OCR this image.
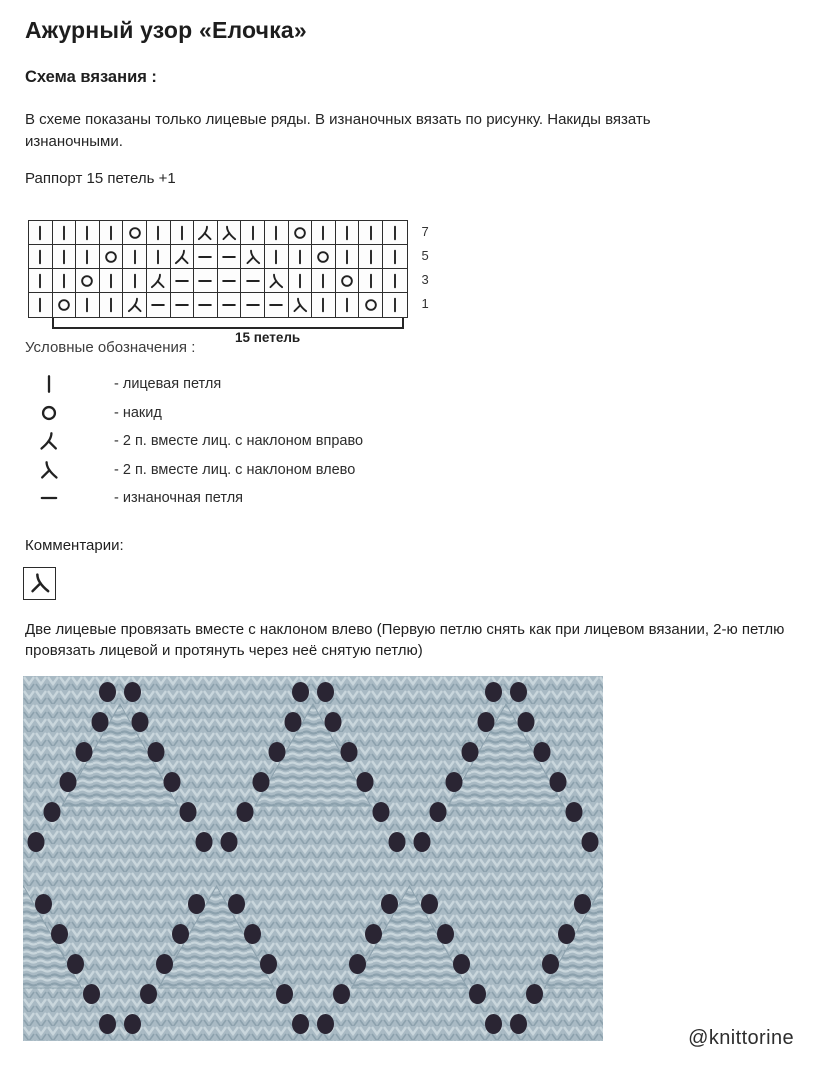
Ажурный узор «Елочка»
Схема вязания :

В схеме показаны только лицевые ряды. В изнаночных вязать по рисунку. Накиды вязать изнаночными.

Раппорт 15 петель +1

7
5
3
1
15 петель
Условные обозначения :
- лицевая петля
- накид
- 2 п. вместе лиц. с наклоном вправо
- 2 п. вместе лиц. с наклоном влево
- изнаночная петля
Комментарии:

Две лицевые провязать вместе с наклоном влево (Первую петлю снять как при лицевом вязании, 2-ю петлю провязать лицевой и протянуть через неё снятую петлю)

@knittorine
